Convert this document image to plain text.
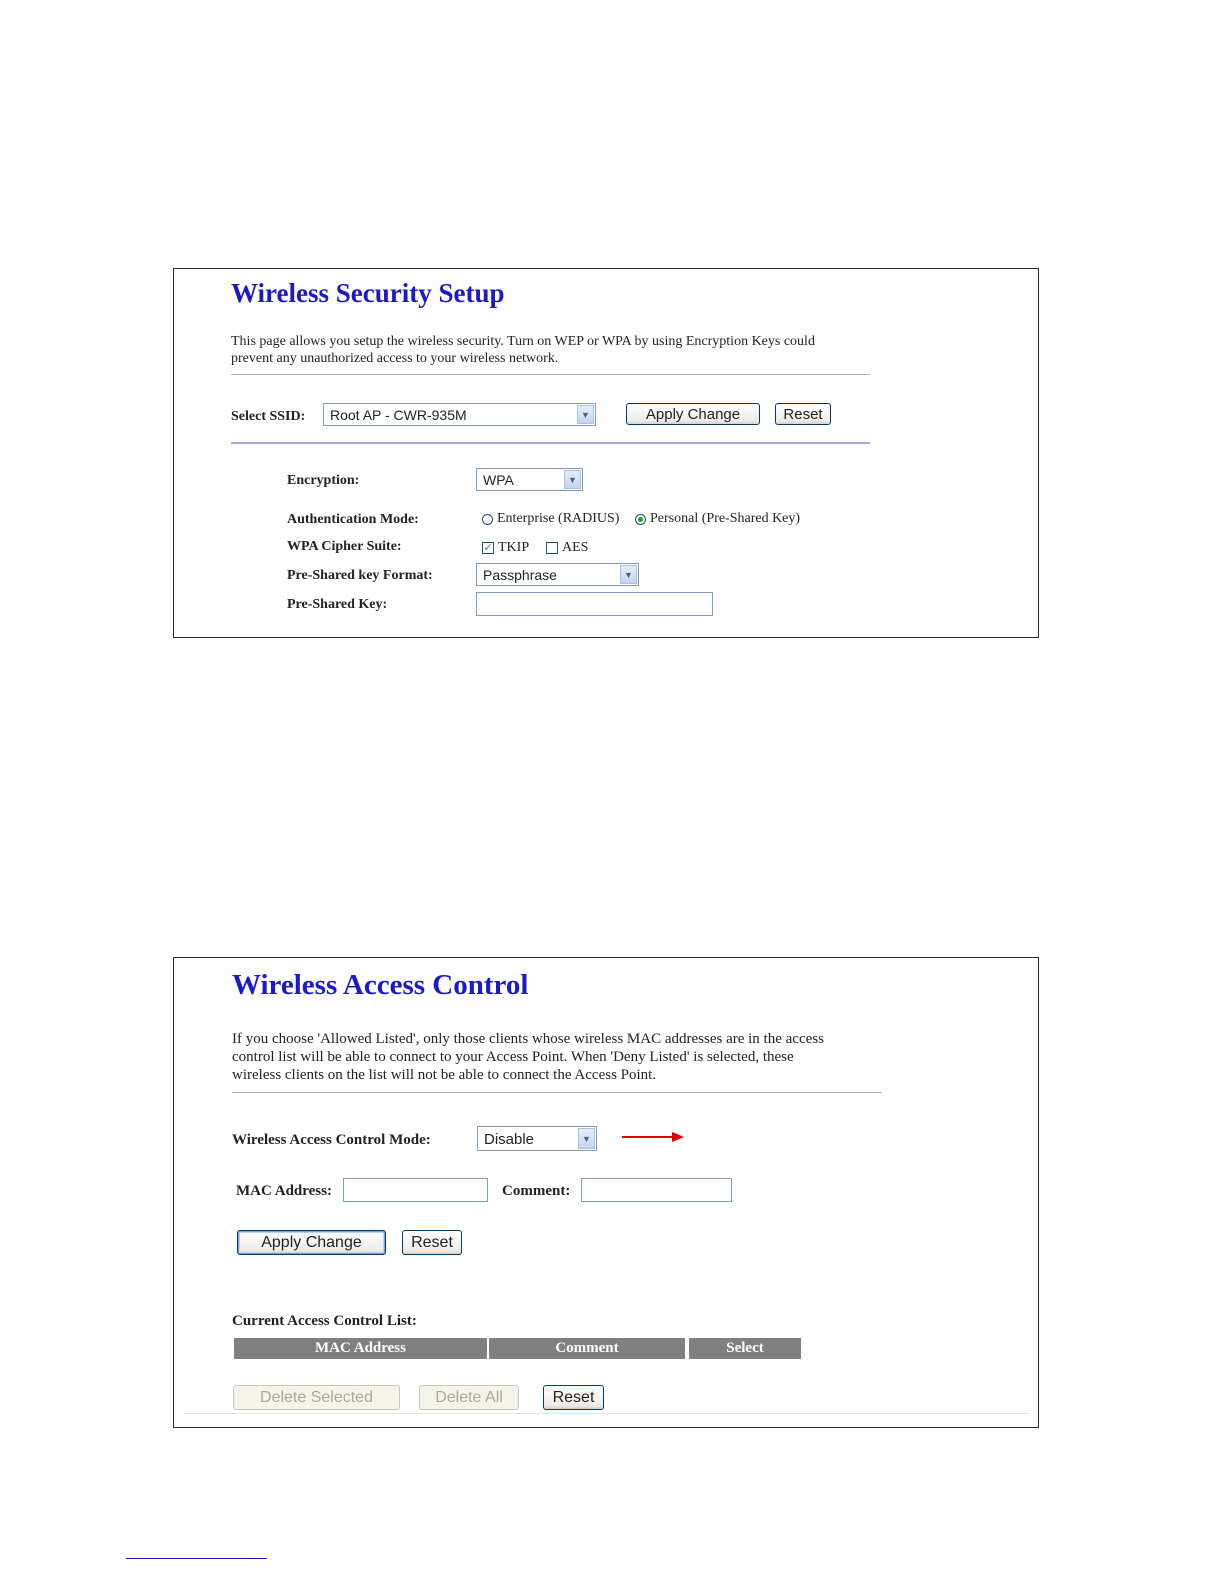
Wireless Security Setup
This page allows you setup the wireless security. Turn on WEP or WPA by using Encryption Keys could
prevent any unauthorized access to your wireless network.
Select SSID: Root AP - CWR-935M	▼	Apply Change	Reset
Encryption:	WPA	▼
Authentication Mode:	Enterprise (RADIUS) Personal (Pre-Shared Key)
WPA Cipher Suite:	✓ TKIP AES
Pre-Shared key Format:	Passphrase	▼
Pre-Shared Key:
Wireless Access Control
If you choose 'Allowed Listed', only those clients whose wireless MAC addresses are in the access
control list will be able to connect to your Access Point. When 'Deny Listed' is selected, these
wireless clients on the list will not be able to connect the Access Point.
Wireless Access Control Mode:	Disable	▼
MAC Address:	Comment:
Apply Change	Reset
Current Access Control List:
MAC Address	Comment	Select
Delete Selected	Delete All	Reset
